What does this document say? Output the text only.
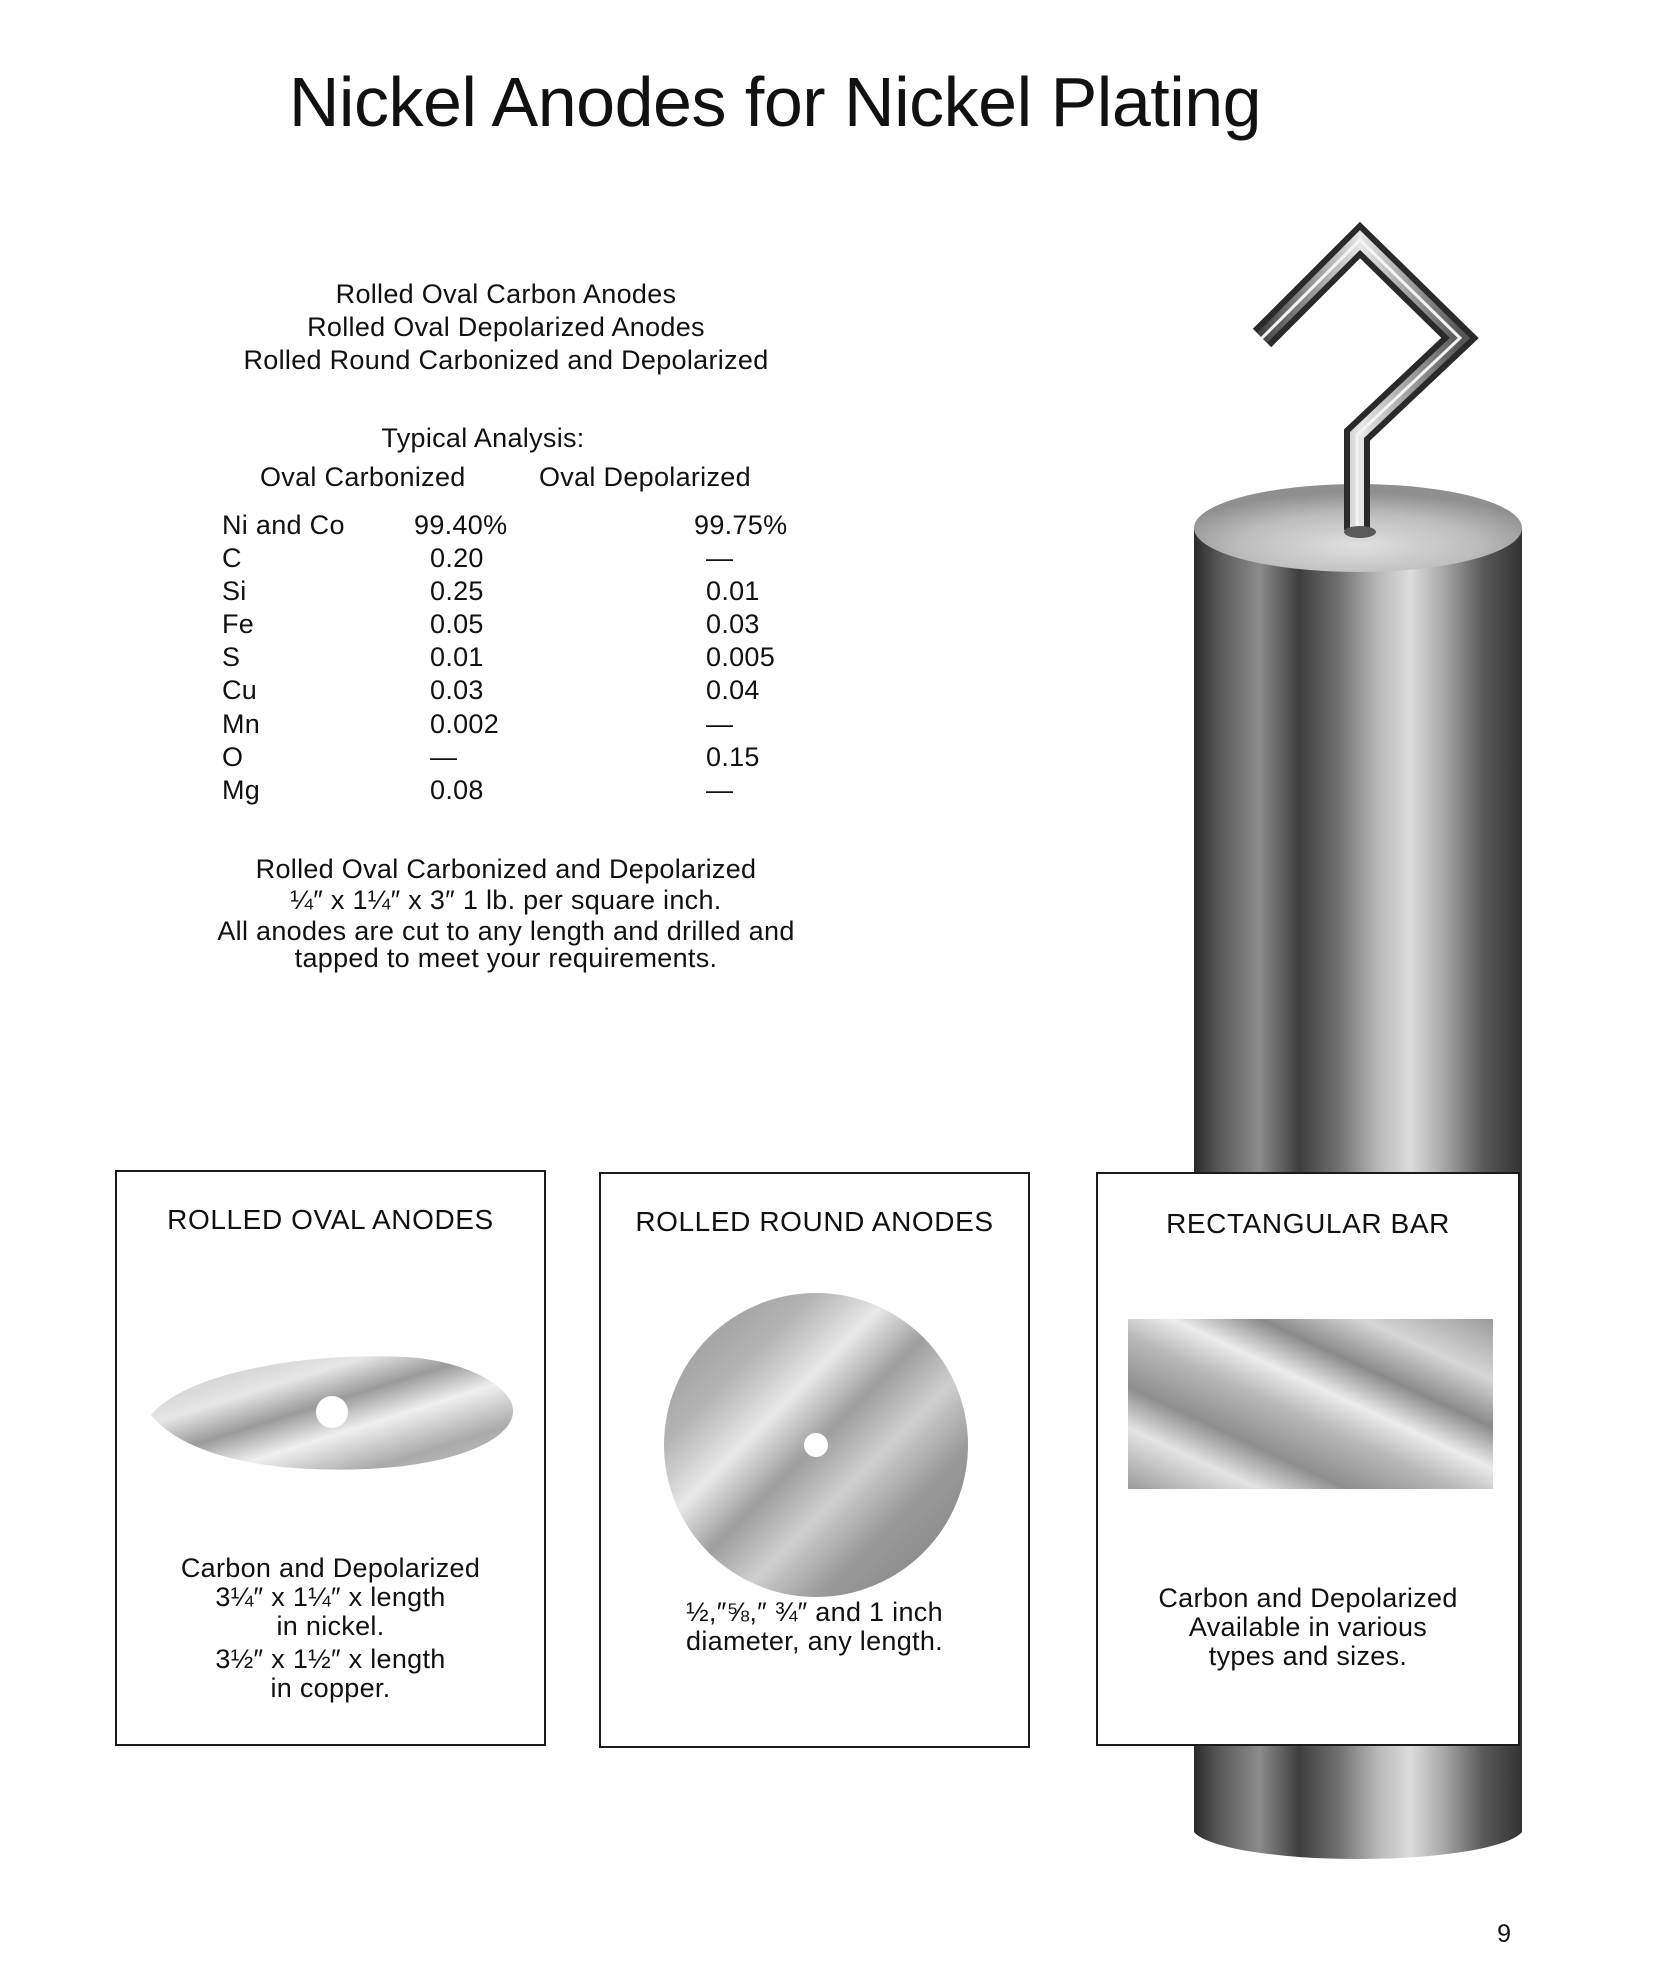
Nickel Anodes for Nickel Plating
Rolled Oval Carbon Anodes
Rolled Oval Depolarized Anodes
Rolled Round Carbonized and Depolarized
Typical Analysis:
Oval Carbonized	Oval Depolarized
Ni and Co	99.40%	99.75%
C	0.20	—
Si	0.25	0.01
Fe	0.05	0.03
S	0.01	0.005
Cu	0.03	0.04
Mn	0.002	—
O	—	0.15
Mg	0.08	—
Rolled Oval Carbonized and Depolarized
¼″ x 1¼″ x 3″ 1 lb. per square inch.
All anodes are cut to any length and drilled and
tapped to meet your requirements.
ROLLED OVAL ANODES
Carbon and Depolarized
3¼″ x 1¼″ x length
in nickel.
3½″ x 1½″ x length
in copper.
ROLLED ROUND ANODES
½,″⅝,″ ¾″ and 1 inch
diameter, any length.
RECTANGULAR BAR
Carbon and Depolarized
Available in various
types and sizes.
9
